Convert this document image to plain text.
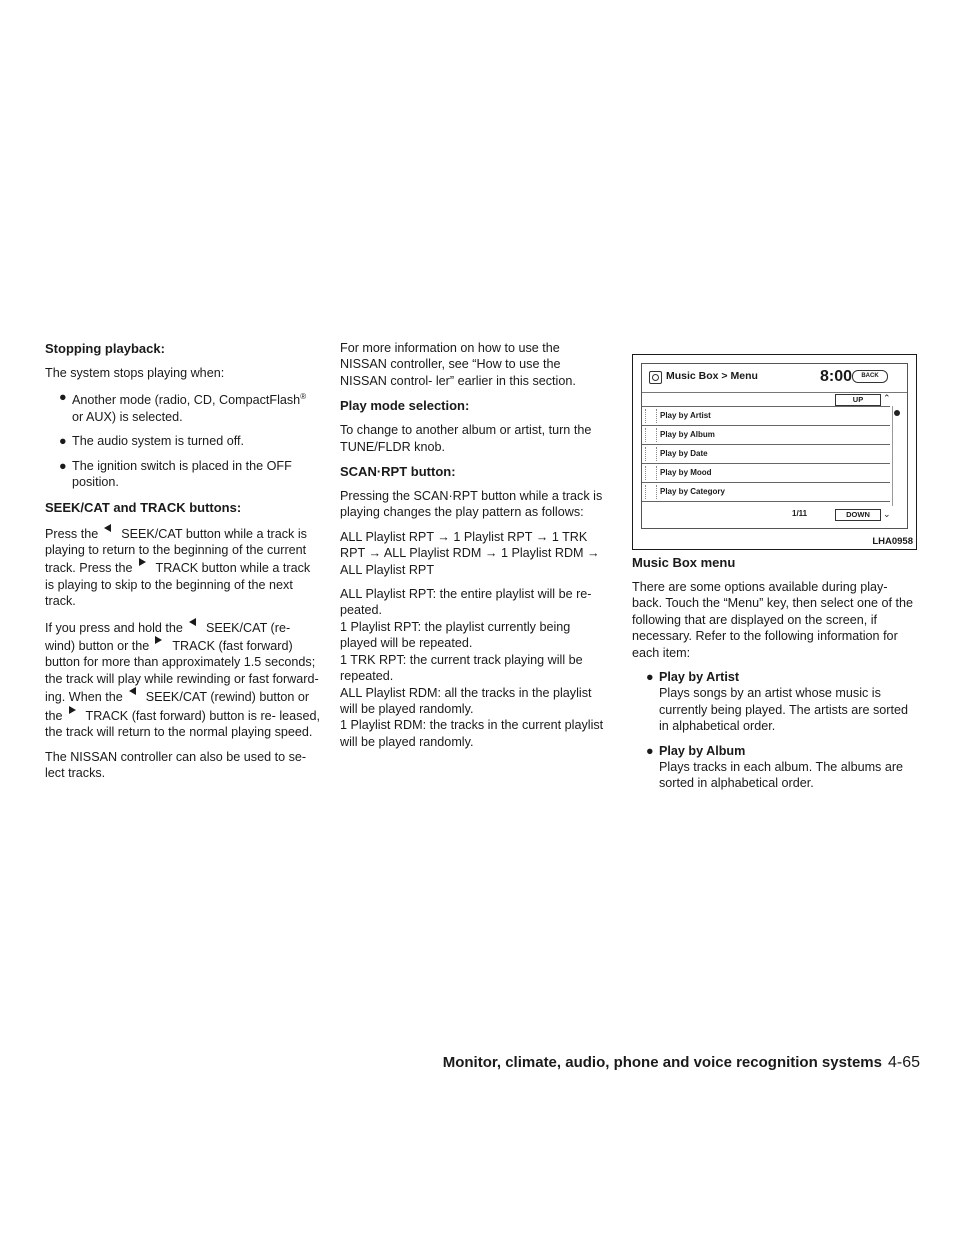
Stopping playback:

The system stops playing when:

● Another mode (radio, CD, CompactFlash®
or AUX) is selected.
● The audio system is turned off.
● The ignition switch is placed in the OFF position.
SEEK/CAT and TRACK buttons:

Press the SEEK/CAT button while a track is playing to return to the beginning of the current track. Press the TRACK button while a track is playing to skip to the beginning of the next track.

If you press and hold the SEEK/CAT (re- wind) button or the TRACK (fast forward) button for more than approximately 1.5 seconds; the track will play while rewinding or fast forward- ing. When the SEEK/CAT (rewind) button or the TRACK (fast forward) button is re- leased, the track will return to the normal playing speed.

The NISSAN controller can also be used to se- lect tracks.

For more information on how to use the NISSAN controller, see “How to use the NISSAN control- ler” earlier in this section.

Play mode selection:

To change to another album or artist, turn the TUNE/FLDR knob.

SCAN·RPT button:

Pressing the SCAN·RPT button while a track is playing changes the play pattern as follows:

ALL Playlist RPT → 1 Playlist RPT → 1 TRK RPT → ALL Playlist RDM → 1 Playlist RDM → ALL Playlist RPT

ALL Playlist RPT: the entire playlist will be re- peated.

1 Playlist RPT: the playlist currently being played will be repeated.

1 TRK RPT: the current track playing will be repeated.

ALL Playlist RDM: all the tracks in the playlist will be played randomly.

1 Playlist RDM: the tracks in the current playlist will be played randomly.

Music Box > Menu	8:00	BACK
UP	⌃
Play by Artist
Play by Album
Play by Date
Play by Mood
Play by Category
1/11	DOWN	⌄
LHA0958
Music Box menu

There are some options available during play- back. Touch the “Menu” key, then select one of the following that are displayed on the screen, if necessary. Refer to the following information for each item:

● Play by Artist
Plays songs by an artist whose music is currently being played. The artists are sorted in alphabetical order.
● Play by Album
Plays tracks in each album. The albums are sorted in alphabetical order.
Monitor, climate, audio, phone and voice recognition systems 4-65
